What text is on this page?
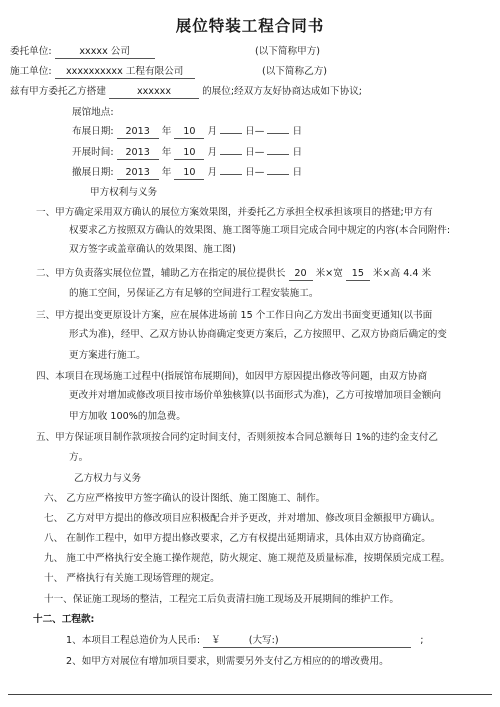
展位特装工程合同书
委托单位:	xxxxx 公司	(以下简称甲方)
施工单位: xxxxxxxxxx 工程有限公司	(以下简称乙方)
兹有甲方委托乙方搭建	xxxxxx	的展位;经双方友好协商达成如下协议;
展馆地点:
布展日期: 2013 年 10 月	日—	日
开展时间: 2013 年 10 月	日—	日
撤展日期: 2013 年 10 月	日—	日
甲方权利与义务
一、甲方确定采用双方确认的展位方案效果图，并委托乙方承担全权承担该项目的搭建;甲方有
权要求乙方按照双方确认的效果图、施工图等施工项目完成合同中规定的内容(本合同附件:
双方签字或盖章确认的效果图、施工图)
二、甲方负责落实展位位置，辅助乙方在指定的展位提供长 20 米×宽 15 米×高 4.4 米
的施工空间，另保证乙方有足够的空间进行工程安装施工。
三、甲方提出变更原设计方案，应在展体进场前 15 个工作日向乙方发出书面变更通知(以书面
形式为准)，经甲、乙双方协认协商确定变更方案后，乙方按照甲、乙双方协商后确定的变
更方案进行施工。
四、本项目在现场施工过程中(指展馆布展期间)，如因甲方原因提出修改等问题，由双方协商
更改并对增加或修改项目按市场价单独核算(以书面形式为准)，乙方可按增加项目金额向
甲方加收 100%的加急费。
五、甲方保证项目制作款项按合同约定时间支付，否则须按本合同总额每日 1%的违约金支付乙
方。
乙方权力与义务
六、 乙方应严格按甲方签字确认的设计图纸、施工图施工、制作。
七、 乙方对甲方提出的修改项目应积极配合并予更改，并对增加、修改项目金额报甲方确认。
八、 在制作工程中，如甲方提出修改要求，乙方有权提出延期请求，具体由双方协商确定。
九、 施工中严格执行安全施工操作规范，防火规定、施工规范及质量标准，按期保质完成工程。
十、 严格执行有关施工现场管理的规定。
十一、保证施工现场的整洁，工程完工后负责清扫施工现场及开展期间的维护工作。
十二、工程款:
1、本项目工程总造价为人民币: ￥	(大写:)	;
2、如甲方对展位有增加项目要求，则需要另外支付乙方相应的的增改费用。
